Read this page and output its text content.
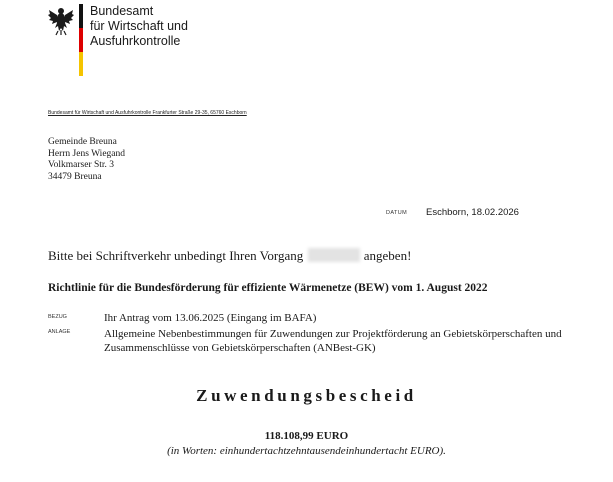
Bundesamt
für Wirtschaft und
Ausfuhrkontrolle
Bundesamt für Wirtschaft und Ausfuhrkontrolle Frankfurter Straße 29-35, 65760 Eschborn
Gemeinde Breuna
Herrn Jens Wiegand
Volkmarser Str. 3
34479 Breuna
DATUM Eschborn, 18.02.2026
Bitte bei Schriftverkehr unbedingt Ihren Vorgang	angeben!
Richtlinie für die Bundesförderung für effiziente Wärmenetze (BEW) vom 1. August 2022
BEZUG	Ihr Antrag vom 13.06.2025 (Eingang im BAFA)
ANLAGE	Allgemeine Nebenbestimmungen für Zuwendungen zur Projektförderung an Gebietskörperschaften und Zusammenschlüsse von Gebietskörperschaften (ANBest-GK)
Zuwendungsbescheid
118.108,99 EURO
(in Worten: einhundertachtzehntausendeinhundertacht EURO).
